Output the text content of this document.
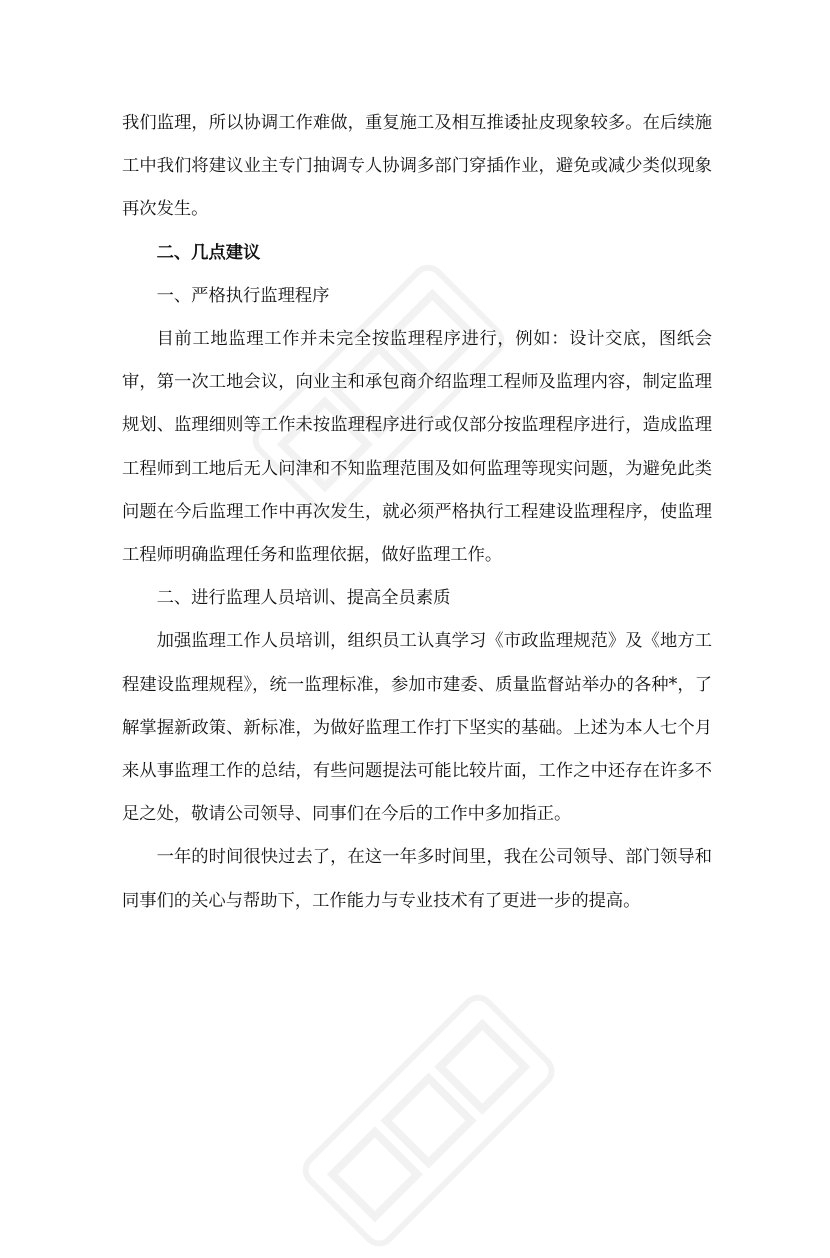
我们监理，所以协调工作难做，重复施工及相互推诿扯皮现象较多。在后续施工中我们将建议业主专门抽调专人协调多部门穿插作业，避免或减少类似现象再次发生。

二、几点建议

一、严格执行监理程序

目前工地监理工作并未完全按监理程序进行，例如：设计交底，图纸会审，第一次工地会议，向业主和承包商介绍监理工程师及监理内容，制定监理规划、监理细则等工作未按监理程序进行或仅部分按监理程序进行，造成监理工程师到工地后无人问津和不知监理范围及如何监理等现实问题，为避免此类问题在今后监理工作中再次发生，就必须严格执行工程建设监理程序，使监理工程师明确监理任务和监理依据，做好监理工作。

二、进行监理人员培训、提高全员素质

加强监理工作人员培训，组织员工认真学习《市政监理规范》及《地方工程建设监理规程》，统一监理标准，参加市建委、质量监督站举办的各种*，了解掌握新政策、新标准，为做好监理工作打下坚实的基础。上述为本人七个月来从事监理工作的总结，有些问题提法可能比较片面，工作之中还存在许多不足之处，敬请公司领导、同事们在今后的工作中多加指正。

一年的时间很快过去了，在这一年多时间里，我在公司领导、部门领导和同事们的关心与帮助下，工作能力与专业技术有了更进一步的提高。
